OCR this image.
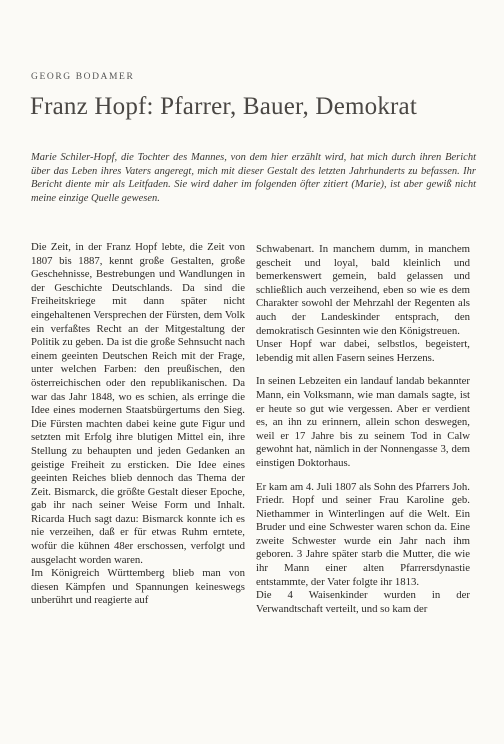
GEORG BODAMER
Franz Hopf: Pfarrer, Bauer, Demokrat

Marie Schiler-Hopf, die Tochter des Mannes, von dem hier erzählt wird, hat mich durch ihren Bericht über das Leben ihres Vaters angeregt, mich mit dieser Gestalt des letzten Jahrhunderts zu befassen. Ihr Bericht diente mir als Leitfaden. Sie wird daher im folgenden öfter zitiert (Marie), ist aber gewiß nicht meine einzige Quelle gewesen.

Die Zeit, in der Franz Hopf lebte, die Zeit von 1807 bis 1887, kennt große Gestalten, große Geschehnisse, Bestrebungen und Wandlungen in der Geschichte Deutschlands. Da sind die Freiheitskriege mit dann später nicht eingehaltenen Versprechen der Fürsten, dem Volk ein verfaßtes Recht an der Mitgestaltung der Politik zu geben. Da ist die große Sehnsucht nach einem geeinten Deutschen Reich mit der Frage, unter welchen Farben: den preußischen, den österreichischen oder den republikanischen. Da war das Jahr 1848, wo es schien, als erringe die Idee eines modernen Staatsbürgertums den Sieg. Die Fürsten machten dabei keine gute Figur und setzten mit Erfolg ihre blutigen Mittel ein, ihre Stellung zu behaupten und jeden Gedanken an geistige Freiheit zu ersticken. Die Idee eines geeinten Reiches blieb dennoch das Thema der Zeit. Bismarck, die größte Gestalt dieser Epoche, gab ihr nach seiner Weise Form und Inhalt. Ricarda Huch sagt dazu: Bismarck konnte ich es nie verzeihen, daß er für etwas Ruhm erntete, wofür die kühnen 48er erschossen, verfolgt und ausgelacht worden waren.

Im Königreich Württemberg blieb man von diesen Kämpfen und Spannungen keineswegs unberührt und reagierte auf

Schwabenart. In manchem dumm, in manchem gescheit und loyal, bald kleinlich und bemerkenswert gemein, bald gelassen und schließlich auch verzeihend, eben so wie es dem Charakter sowohl der Mehrzahl der Regenten als auch der Landeskinder entsprach, den demokratisch Gesinnten wie den Königstreuen.

Unser Hopf war dabei, selbstlos, begeistert, lebendig mit allen Fasern seines Herzens.

In seinen Lebzeiten ein landauf landab bekannter Mann, ein Volksmann, wie man damals sagte, ist er heute so gut wie vergessen. Aber er verdient es, an ihn zu erinnern, allein schon deswegen, weil er 17 Jahre bis zu seinem Tod in Calw gewohnt hat, nämlich in der Nonnengasse 3, dem einstigen Doktorhaus.

Er kam am 4. Juli 1807 als Sohn des Pfarrers Joh. Friedr. Hopf und seiner Frau Karoline geb. Niethammer in Winterlingen auf die Welt. Ein Bruder und eine Schwester waren schon da. Eine zweite Schwester wurde ein Jahr nach ihm geboren. 3 Jahre später starb die Mutter, die wie ihr Mann einer alten Pfarrersdynastie entstammte, der Vater folgte ihr 1813.

Die 4 Waisenkinder wurden in der Verwandtschaft verteilt, und so kam der
